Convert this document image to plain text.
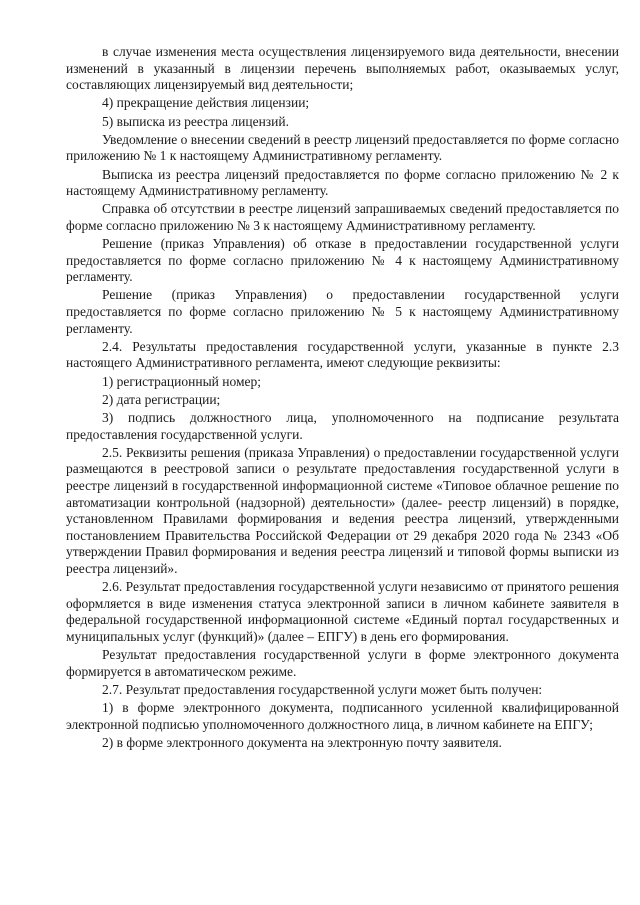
в случае изменения места осуществления лицензируемого вида деятельности, внесении изменений в указанный в лицензии перечень выполняемых работ, оказываемых услуг, составляющих лицензируемый вид деятельности;

4) прекращение действия лицензии;

5) выписка из реестра лицензий.

Уведомление о внесении сведений в реестр лицензий предоставляется по форме согласно приложению № 1 к настоящему Административному регламенту.

Выписка из реестра лицензий предоставляется по форме согласно приложению № 2 к настоящему Административному регламенту.

Справка об отсутствии в реестре лицензий запрашиваемых сведений предоставляется по форме согласно приложению № 3 к настоящему Административному регламенту.

Решение (приказ Управления) об отказе в предоставлении государственной услуги предоставляется по форме согласно приложению № 4 к настоящему Административному регламенту.

Решение (приказ Управления) о предоставлении государственной услуги предоставляется по форме согласно приложению № 5 к настоящему Административному регламенту.

2.4. Результаты предоставления государственной услуги, указанные в пункте 2.3 настоящего Административного регламента, имеют следующие реквизиты:

1) регистрационный номер;

2) дата регистрации;

3) подпись должностного лица, уполномоченного на подписание результата предоставления государственной услуги.

2.5. Реквизиты решения (приказа Управления) о предоставлении государственной услуги размещаются в реестровой записи о результате предоставления государственной услуги в реестре лицензий в государственной информационной системе «Типовое облачное решение по автоматизации контрольной (надзорной) деятельности» (далее- реестр лицензий) в порядке, установленном Правилами формирования и ведения реестра лицензий, утвержденными постановлением Правительства Российской Федерации от 29 декабря 2020 года № 2343 «Об утверждении Правил формирования и ведения реестра лицензий и типовой формы выписки из реестра лицензий».

2.6. Результат предоставления государственной услуги независимо от принятого решения оформляется в виде изменения статуса электронной записи в личном кабинете заявителя в федеральной государственной информационной системе «Единый портал государственных и муниципальных услуг (функций)» (далее – ЕПГУ) в день его формирования.

Результат предоставления государственной услуги в форме электронного документа формируется в автоматическом режиме.

2.7. Результат предоставления государственной услуги может быть получен:

1) в форме электронного документа, подписанного усиленной квалифицированной электронной подписью уполномоченного должностного лица, в личном кабинете на ЕПГУ;

2) в форме электронного документа на электронную почту заявителя.
